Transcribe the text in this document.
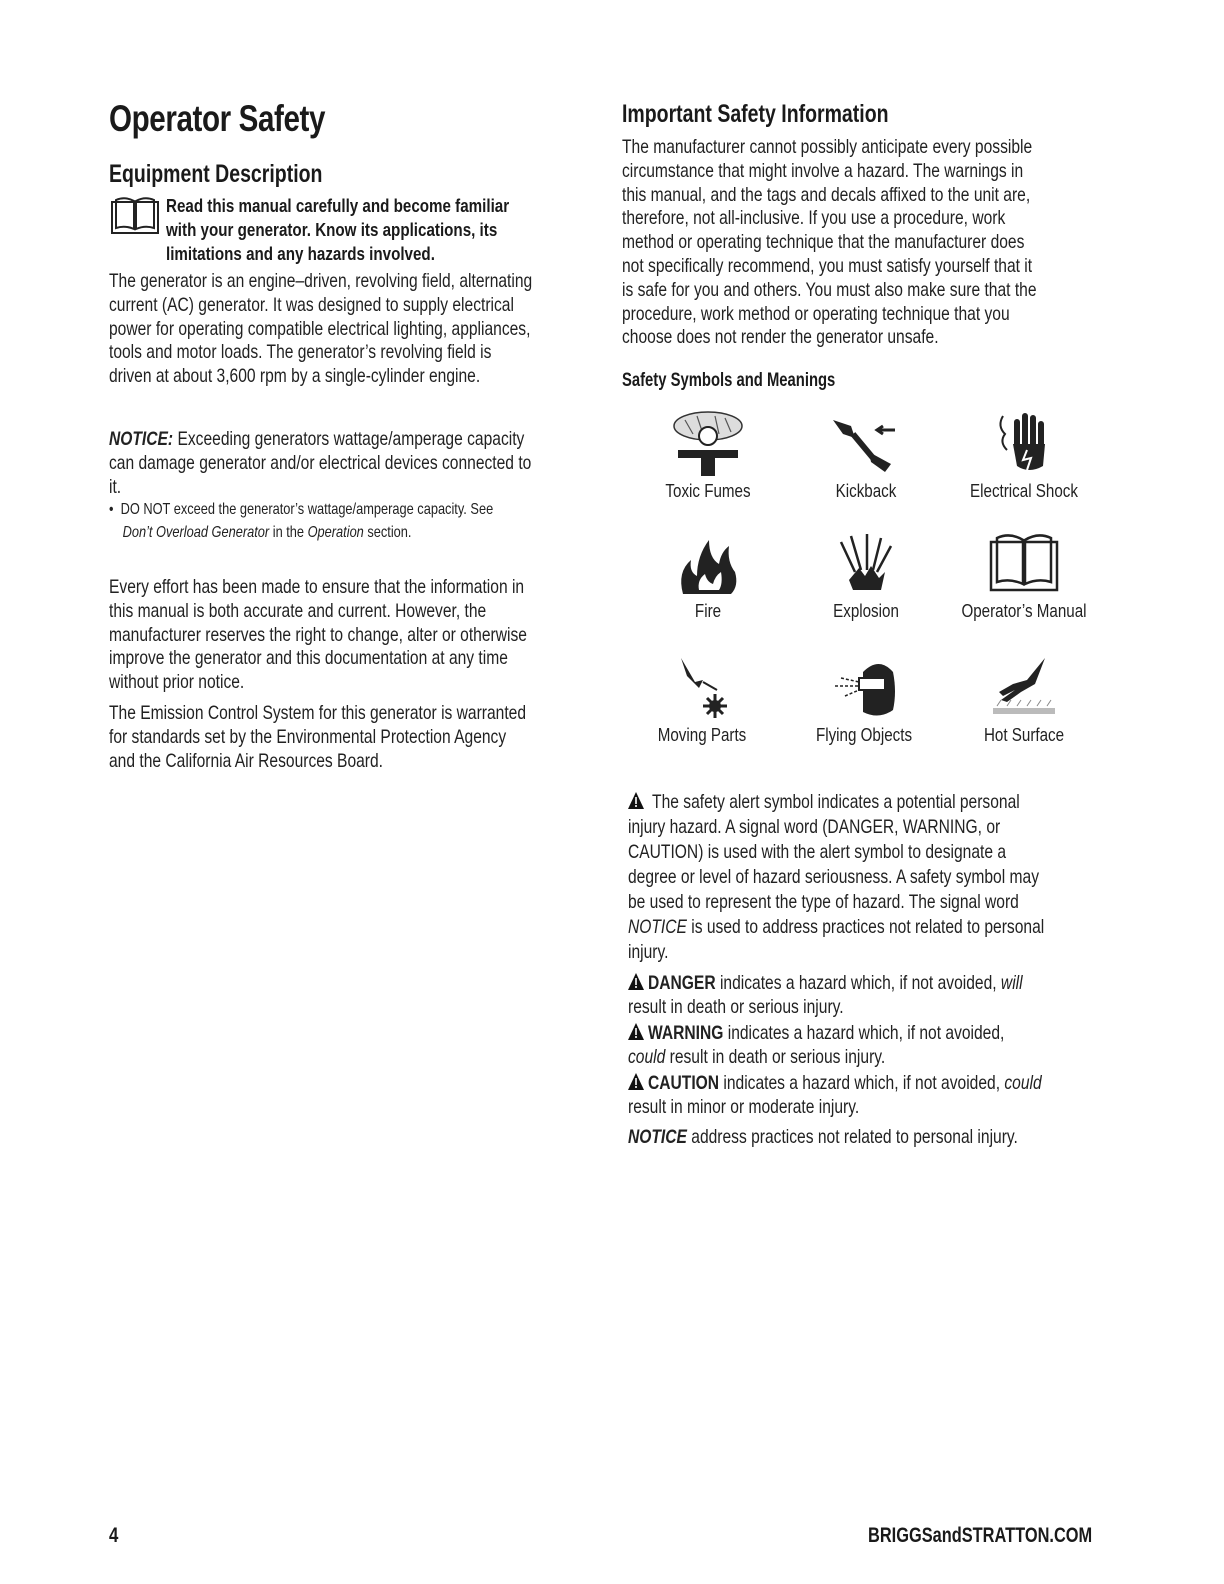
Operator Safety
Equipment Description
Read this manual carefully and become familiar
with your generator. Know its applications, its
limitations and any hazards involved.
The generator is an engine–driven, revolving field, alternating
current (AC) generator. It was designed to supply electrical
power for operating compatible electrical lighting, appliances,
tools and motor loads. The generator’s revolving field is
driven at about 3,600 rpm by a single-cylinder engine.
NOTICE: Exceeding generators wattage/amperage capacity
can damage generator and/or electrical devices connected to
it.
• DO NOT exceed the generator’s wattage/amperage capacity. See
Don’t Overload Generator in the Operation section.
Every effort has been made to ensure that the information in
this manual is both accurate and current. However, the
manufacturer reserves the right to change, alter or otherwise
improve the generator and this documentation at any time
without prior notice.
The Emission Control System for this generator is warranted
for standards set by the Environmental Protection Agency
and the California Air Resources Board.
Important Safety Information
The manufacturer cannot possibly anticipate every possible
circumstance that might involve a hazard. The warnings in
this manual, and the tags and decals affixed to the unit are,
therefore, not all-inclusive. If you use a procedure, work
method or operating technique that the manufacturer does
not specifically recommend, you must satisfy yourself that it
is safe for you and others. You must also make sure that the
procedure, work method or operating technique that you
choose does not render the generator unsafe.
Safety Symbols and Meanings
Toxic Fumes	Kickback	Electrical Shock
Fire	Explosion	Operator’s Manual
Moving Parts	Flying Objects	Hot Surface
The safety alert symbol indicates a potential personal
injury hazard. A signal word (DANGER, WARNING, or
CAUTION) is used with the alert symbol to designate a
degree or level of hazard seriousness. A safety symbol may
be used to represent the type of hazard. The signal word
NOTICE is used to address practices not related to personal
injury.
DANGER indicates a hazard which, if not avoided, will
result in death or serious injury.
WARNING indicates a hazard which, if not avoided,
could result in death or serious injury.
CAUTION indicates a hazard which, if not avoided, could
result in minor or moderate injury.
NOTICE address practices not related to personal injury.
4	BRIGGSandSTRATTON.COM
